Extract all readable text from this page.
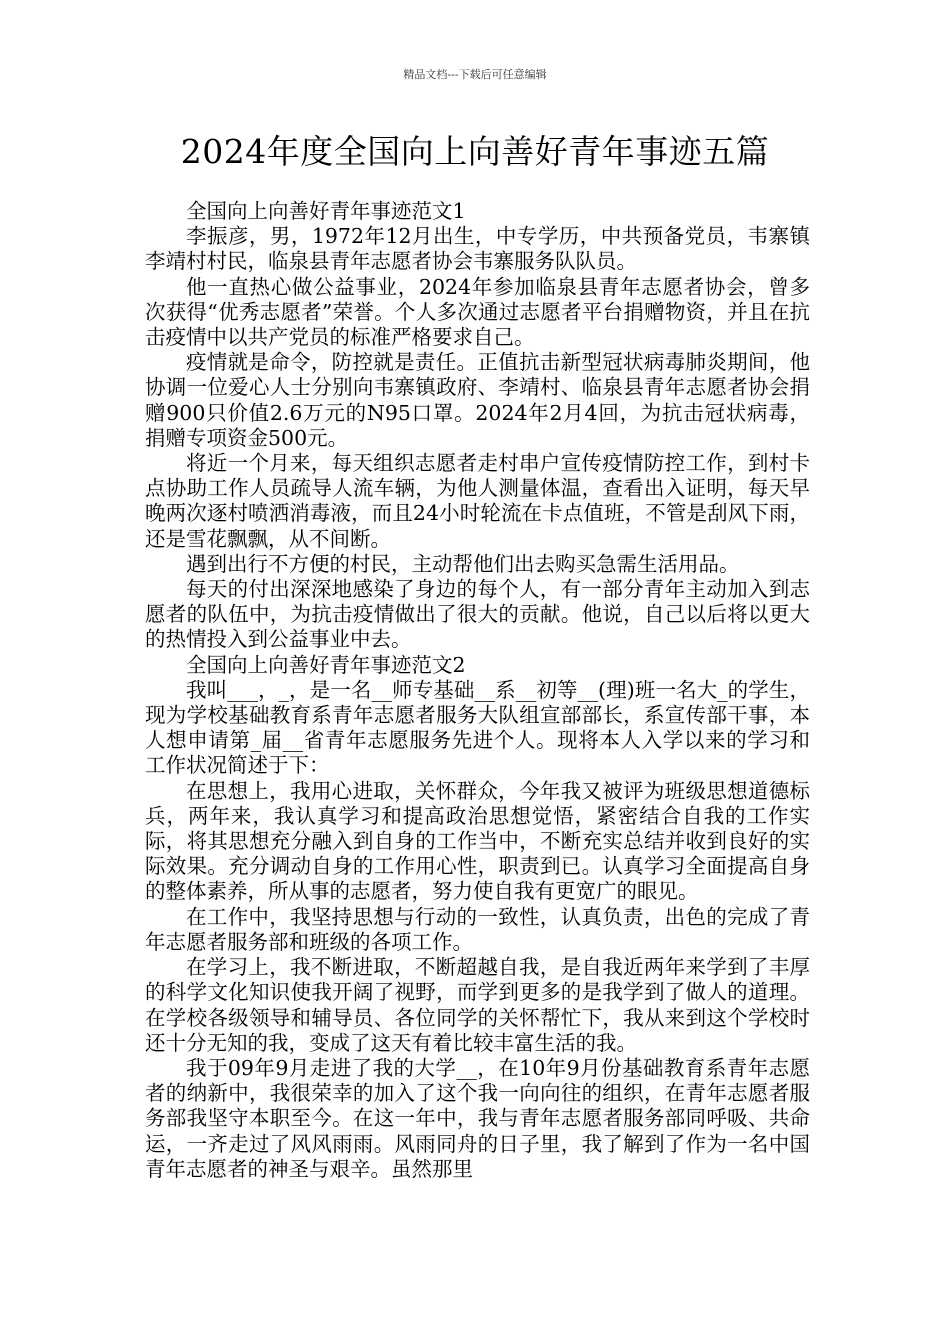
精品文档---下载后可任意编辑
2024年度全国向上向善好青年事迹五篇

全国向上向善好青年事迹范文1

李振彦，男，1972年12月出生，中专学历，中共预备党员，韦寨镇李靖村村民，临泉县青年志愿者协会韦寨服务队队员。

他一直热心做公益事业，2024年参加临泉县青年志愿者协会，曾多次获得“优秀志愿者”荣誉。个人多次通过志愿者平台捐赠物资，并且在抗击疫情中以共产党员的标准严格要求自己。

疫情就是命令，防控就是责任。正值抗击新型冠状病毒肺炎期间，他协调一位爱心人士分别向韦寨镇政府、李靖村、临泉县青年志愿者协会捐赠900只价值2.6万元的N95口罩。2024年2月4回，为抗击冠状病毒，捐赠专项资金500元。

将近一个月来，每天组织志愿者走村串户宣传疫情防控工作，到村卡点协助工作人员疏导人流车辆，为他人测量体温，查看出入证明，每天早晚两次逐村喷洒消毒液，而且24小时轮流在卡点值班，不管是刮风下雨，还是雪花飘飘，从不间断。

遇到出行不方便的村民，主动帮他们出去购买急需生活用品。

每天的付出深深地感染了身边的每个人，有一部分青年主动加入到志愿者的队伍中，为抗击疫情做出了很大的贡献。他说，自己以后将以更大的热情投入到公益事业中去。

全国向上向善好青年事迹范文2

我叫___，_，是一名__师专基础__系__初等__(理)班一名大_的学生，现为学校基础教育系青年志愿者服务大队组宣部部长，系宣传部干事，本人想申请第_届__省青年志愿服务先进个人。现将本人入学以来的学习和工作状况简述于下：

在思想上，我用心进取，关怀群众，今年我又被评为班级思想道德标兵，两年来，我认真学习和提高政治思想觉悟，紧密结合自我的工作实际，将其思想充分融入到自身的工作当中，不断充实总结并收到良好的实际效果。充分调动自身的工作用心性，职责到已。认真学习全面提高自身的整体素养，所从事的志愿者，努力使自我有更宽广的眼见。

在工作中，我坚持思想与行动的一致性，认真负责，出色的完成了青年志愿者服务部和班级的各项工作。

在学习上，我不断进取，不断超越自我，是自我近两年来学到了丰厚的科学文化知识使我开阔了视野，而学到更多的是我学到了做人的道理。在学校各级领导和辅导员、各位同学的关怀帮忙下，我从来到这个学校时还十分无知的我，变成了这天有着比较丰富生活的我。

我于09年9月走进了我的大学__，在10年9月份基础教育系青年志愿者的纳新中，我很荣幸的加入了这个我一向向往的组织，在青年志愿者服务部我坚守本职至今。在这一年中，我与青年志愿者服务部同呼吸、共命运，一齐走过了风风雨雨。风雨同舟的日子里，我了解到了作为一名中国青年志愿者的神圣与艰辛。虽然那里
